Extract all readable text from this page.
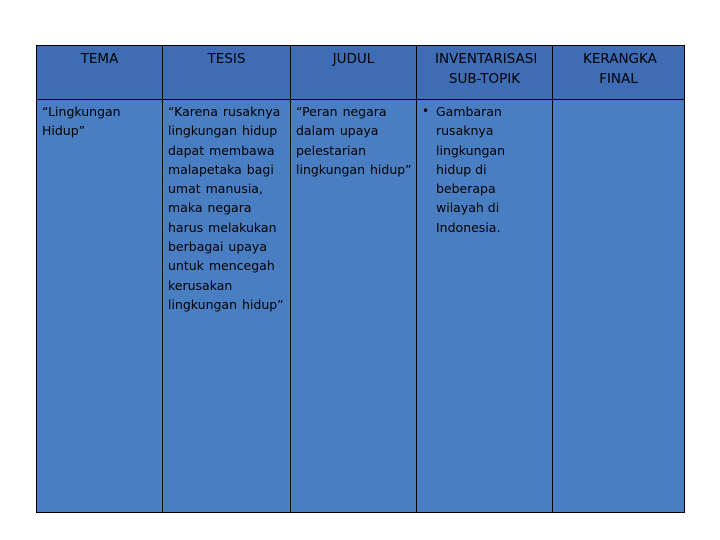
TEMA	TESIS	JUDUL	INVENTARISASI SUB-TOPIK	KERANGKA FINAL

“Lingkungan Hidup”	“Karena rusaknya lingkungan hidup dapat membawa malapetaka bagi umat manusia, maka negara harus melakukan berbagai upaya untuk mencegah kerusakan lingkungan hidup”	“Peran negara dalam upaya pelestarian lingkungan hidup”	• Gambaran rusaknya lingkungan hidup di beberapa wilayah di Indonesia.	
